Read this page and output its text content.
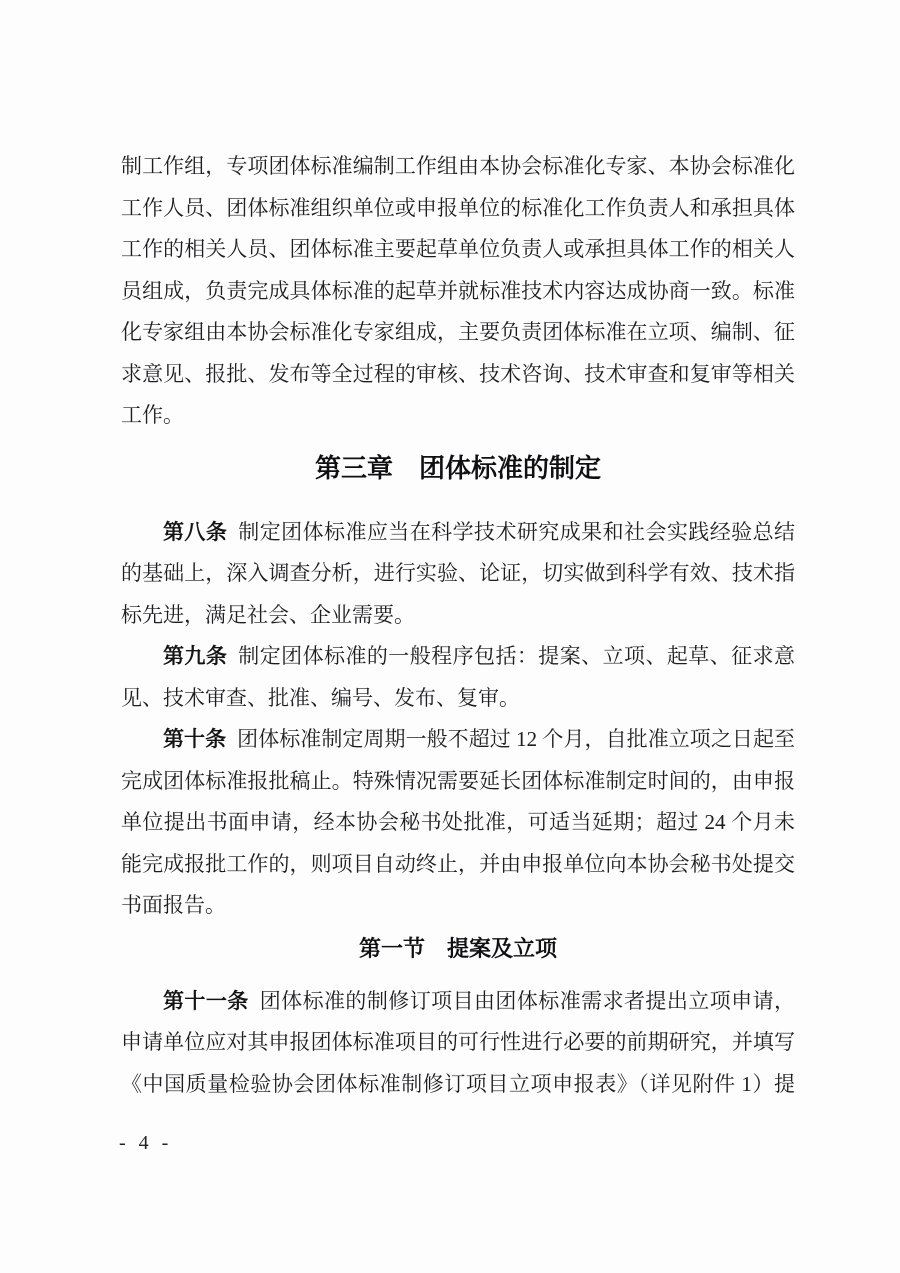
制工作组，专项团体标准编制工作组由本协会标准化专家、本协会标准化
工作人员、团体标准组织单位或申报单位的标准化工作负责人和承担具体
工作的相关人员、团体标准主要起草单位负责人或承担具体工作的相关人
员组成，负责完成具体标准的起草并就标准技术内容达成协商一致。标准
化专家组由本协会标准化专家组成，主要负责团体标准在立项、编制、征
求意见、报批、发布等全过程的审核、技术咨询、技术审查和复审等相关
工作。
第三章　团体标准的制定
第八条 制定团体标准应当在科学技术研究成果和社会实践经验总结
的基础上，深入调查分析，进行实验、论证，切实做到科学有效、技术指
标先进，满足社会、企业需要。
第九条 制定团体标准的一般程序包括：提案、立项、起草、征求意
见、技术审查、批准、编号、发布、复审。
第十条 团体标准制定周期一般不超过 12 个月，自批准立项之日起至
完成团体标准报批稿止。特殊情况需要延长团体标准制定时间的，由申报
单位提出书面申请，经本协会秘书处批准，可适当延期；超过 24 个月未
能完成报批工作的，则项目自动终止，并由申报单位向本协会秘书处提交
书面报告。
第一节　提案及立项
第十一条 团体标准的制修订项目由团体标准需求者提出立项申请，
申请单位应对其申报团体标准项目的可行性进行必要的前期研究，并填写
《中国质量检验协会团体标准制修订项目立项申报表》（详见附件 1）提
- 4 -
